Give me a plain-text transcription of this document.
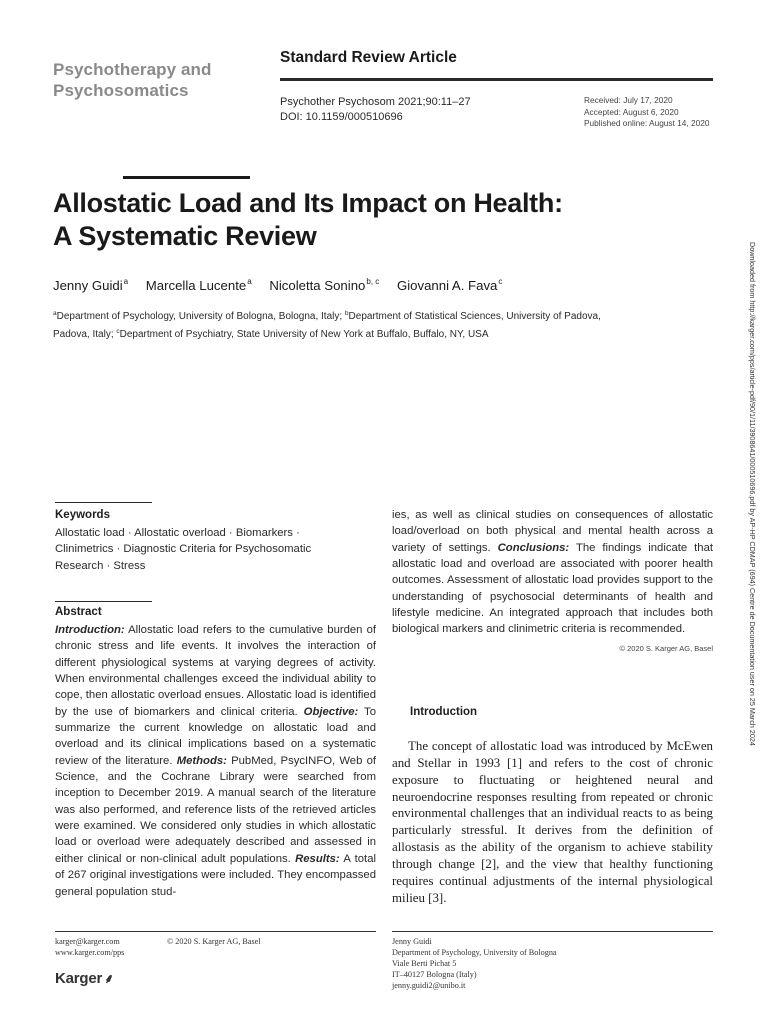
Psychotherapy and
Psychosomatics
Standard Review Article
Psychother Psychosom 2021;90:11–27
DOI: 10.1159/000510696
Received: July 17, 2020
Accepted: August 6, 2020
Published online: August 14, 2020
Allostatic Load and Its Impact on Health:
A Systematic Review
Jenny Guidi$^a$ Marcella Lucente$^a$ Nicoletta Sonino$^{b, c}$ Giovanni A. Fava$^c$
$^a$Department of Psychology, University of Bologna, Bologna, Italy; $^b$Department of Statistical Sciences, University of Padova, Padova, Italy; $^c$Department of Psychiatry, State University of New York at Buffalo, Buffalo, NY, USA	Downloaded from http://karger.com/pps/article-pdf/90/1/11/3908641/000510696.pdf by AP-HP CDMAP (694) Centre de Documentation user on 25 March 2024
Keywords
Allostatic load · Allostatic overload · Biomarkers · Clinimetrics · Diagnostic Criteria for Psychosomatic Research · Stress
Abstract
Introduction: Allostatic load refers to the cumulative burden of chronic stress and life events. It involves the interaction of different physiological systems at varying degrees of activity. When environmental challenges exceed the individual ability to cope, then allostatic overload ensues. Allostatic load is identified by the use of biomarkers and clinical criteria. Objective: To summarize the current knowledge on allostatic load and overload and its clinical implications based on a systematic review of the literature. Methods: PubMed, PsycINFO, Web of Science, and the Cochrane Library were searched from inception to December 2019. A manual search of the literature was also performed, and reference lists of the retrieved articles were examined. We considered only studies in which allostatic load or overload were adequately described and assessed in either clinical or non-clinical adult populations. Results: A total of 267 original investigations were included. They encompassed general population stud-
ies, as well as clinical studies on consequences of allostatic load/overload on both physical and mental health across a variety of settings. Conclusions: The findings indicate that allostatic load and overload are associated with poorer health outcomes. Assessment of allostatic load provides support to the understanding of psychosocial determinants of health and lifestyle medicine. An integrated approach that includes both biological markers and clinimetric criteria is recommended.
© 2020 S. Karger AG, Basel
Introduction
The concept of allostatic load was introduced by McEwen and Stellar in 1993 [1] and refers to the cost of chronic exposure to fluctuating or heightened neural and neuroendocrine responses resulting from repeated or chronic environmental challenges that an individual reacts to as being particularly stressful. It derives from the definition of allostasis as the ability of the organism to achieve stability through change [2], and the view that healthy functioning requires continual adjustments of the internal physiological milieu [3].
karger@karger.com
www.karger.com/pps
© 2020 S. Karger AG, Basel
Karger ⸙
Jenny Guidi
Department of Psychology, University of Bologna
Viale Berti Pichat 5
IT–40127 Bologna (Italy)
jenny.guidi2@unibo.it
